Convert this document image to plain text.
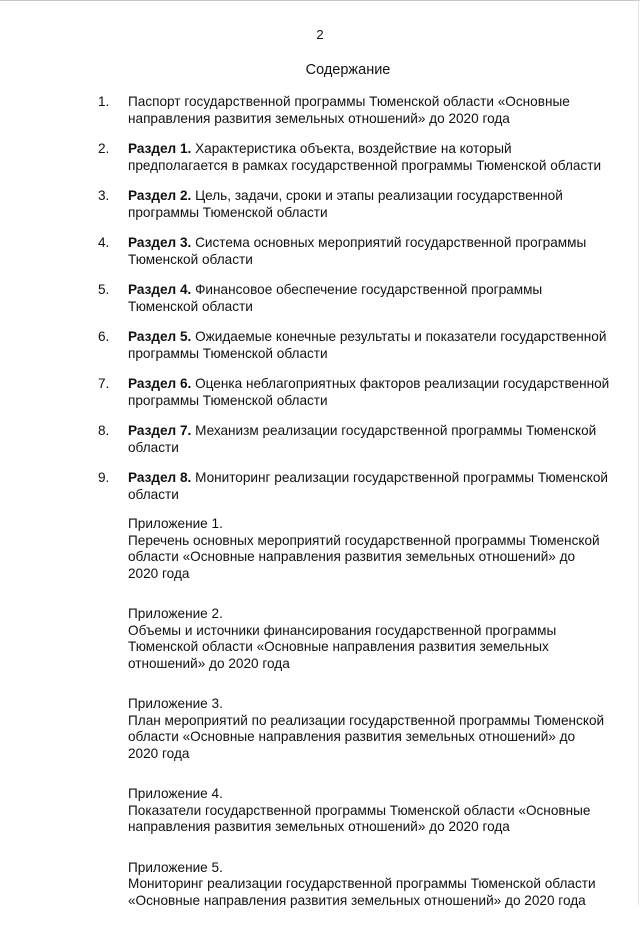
2
Содержание
1.	Паспорт государственной программы Тюменской области «Основные направления развития земельных отношений» до 2020 года
2.	Раздел 1. Характеристика объекта, воздействие на который предполагается в рамках государственной программы Тюменской области
3.	Раздел 2. Цель, задачи, сроки и этапы реализации государственной программы Тюменской области
4.	Раздел 3. Система основных мероприятий государственной программы Тюменской области
5.	Раздел 4. Финансовое обеспечение государственной программы Тюменской области
6.	Раздел 5. Ожидаемые конечные результаты и показатели государственной программы Тюменской области
7.	Раздел 6. Оценка неблагоприятных факторов реализации государственной программы Тюменской области
8.	Раздел 7. Механизм реализации государственной программы Тюменской области
9.	Раздел 8. Мониторинг реализации государственной программы Тюменской области
Приложение 1.
Перечень основных мероприятий государственной программы Тюменской области «Основные направления развития земельных отношений» до 2020 года
Приложение 2.
Объемы и источники финансирования государственной программы Тюменской области «Основные направления развития земельных отношений» до 2020 года
Приложение 3.
План мероприятий по реализации государственной программы Тюменской области «Основные направления развития земельных отношений» до 2020 года
Приложение 4.
Показатели государственной программы Тюменской области «Основные направления развития земельных отношений» до 2020 года
Приложение 5.
Мониторинг реализации государственной программы Тюменской области «Основные направления развития земельных отношений» до 2020 года
